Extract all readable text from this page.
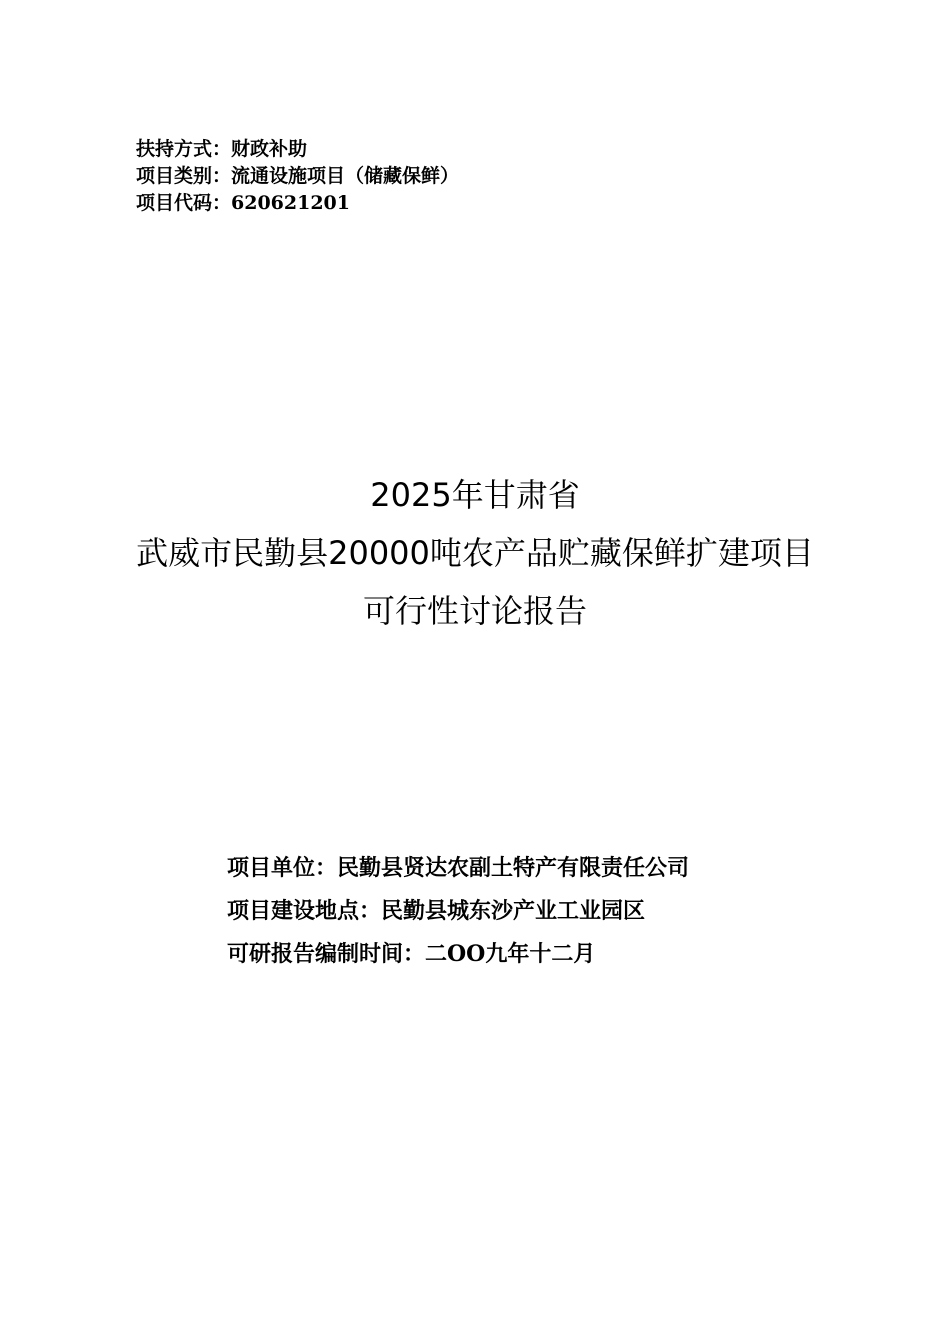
扶持方式：财政补助
项目类别：流通设施项目（储藏保鲜）
项目代码：620621201
2025年甘肃省
武威市民勤县20000吨农产品贮藏保鲜扩建项目
可行性讨论报告
项目单位：民勤县贤达农副土特产有限责任公司
项目建设地点：民勤县城东沙产业工业园区
可研报告编制时间：二OO九年十二月
